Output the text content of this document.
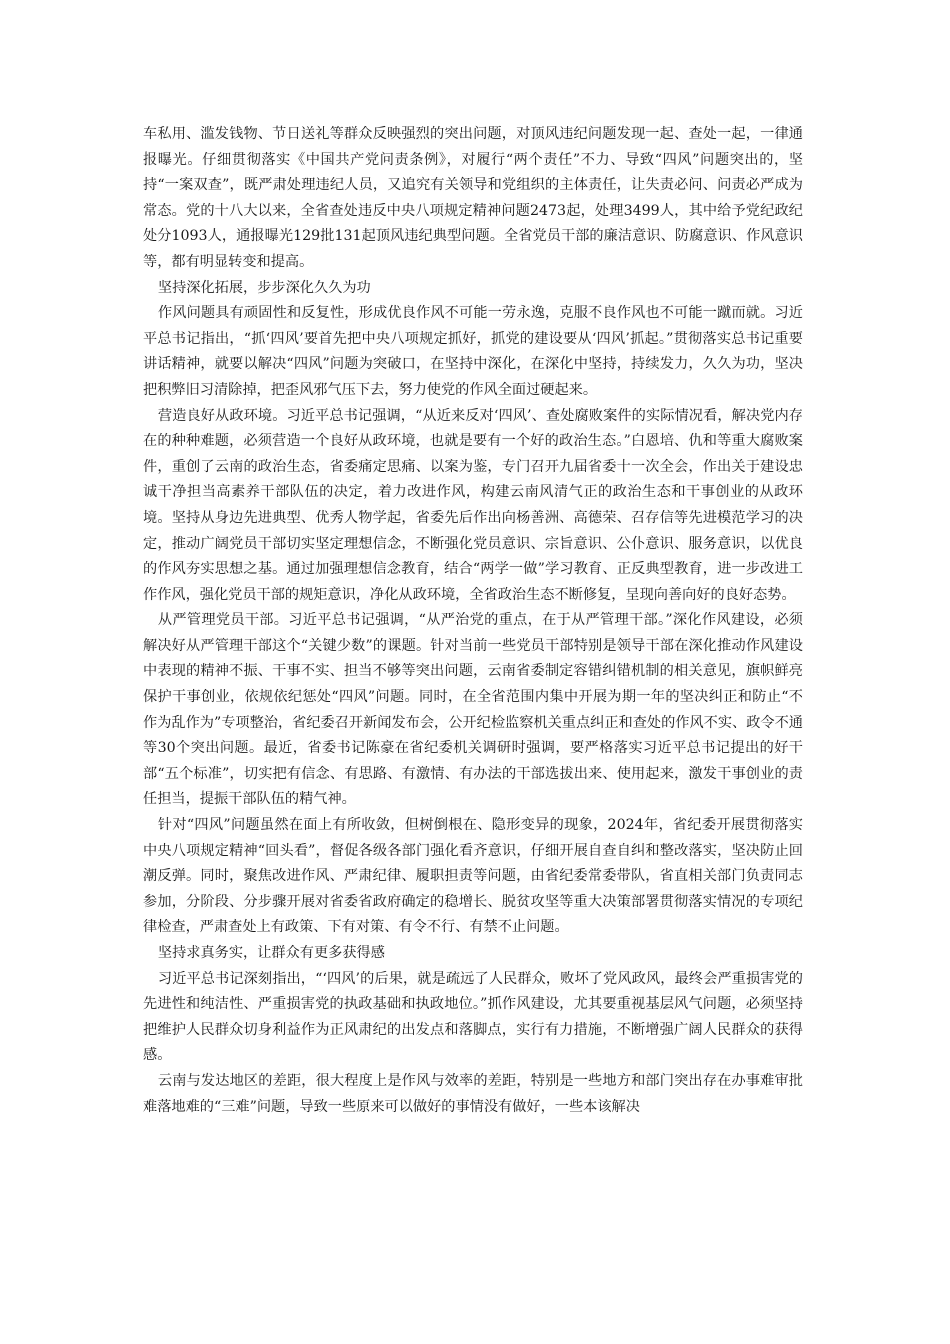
车私用、滥发钱物、节日送礼等群众反映强烈的突出问题，对顶风违纪问题发现一起、查处一起，一律通报曝光。仔细贯彻落实《中国共产党问责条例》，对履行“两个责任”不力、导致“四风”问题突出的，坚持“一案双查”，既严肃处理违纪人员，又追究有关领导和党组织的主体责任，让失责必问、问责必严成为常态。党的十八大以来，全省查处违反中央八项规定精神问题2473起，处理3499人，其中给予党纪政纪处分1093人，通报曝光129批131起顶风违纪典型问题。全省党员干部的廉洁意识、防腐意识、作风意识等，都有明显转变和提高。

坚持深化拓展，步步深化久久为功

作风问题具有顽固性和反复性，形成优良作风不可能一劳永逸，克服不良作风也不可能一蹴而就。习近平总书记指出，“抓‘四风’要首先把中央八项规定抓好，抓党的建设要从‘四风’抓起。”贯彻落实总书记重要讲话精神，就要以解决“四风”问题为突破口，在坚持中深化，在深化中坚持，持续发力，久久为功，坚决把积弊旧习清除掉，把歪风邪气压下去，努力使党的作风全面过硬起来。

营造良好从政环境。习近平总书记强调，“从近来反对‘四风’、查处腐败案件的实际情况看，解决党内存在的种种难题，必须营造一个良好从政环境，也就是要有一个好的政治生态。”白恩培、仇和等重大腐败案件，重创了云南的政治生态，省委痛定思痛、以案为鉴，专门召开九届省委十一次全会，作出关于建设忠诚干净担当高素养干部队伍的决定，着力改进作风，构建云南风清气正的政治生态和干事创业的从政环境。坚持从身边先进典型、优秀人物学起，省委先后作出向杨善洲、高德荣、召存信等先进模范学习的决定，推动广阔党员干部切实坚定理想信念，不断强化党员意识、宗旨意识、公仆意识、服务意识，以优良的作风夯实思想之基。通过加强理想信念教育，结合“两学一做”学习教育、正反典型教育，进一步改进工作作风，强化党员干部的规矩意识，净化从政环境，全省政治生态不断修复，呈现向善向好的良好态势。

从严管理党员干部。习近平总书记强调，“从严治党的重点，在于从严管理干部。”深化作风建设，必须解决好从严管理干部这个“关键少数”的课题。针对当前一些党员干部特别是领导干部在深化推动作风建设中表现的精神不振、干事不实、担当不够等突出问题，云南省委制定容错纠错机制的相关意见，旗帜鲜亮保护干事创业，依规依纪惩处“四风”问题。同时，在全省范围内集中开展为期一年的坚决纠正和防止“不作为乱作为”专项整治，省纪委召开新闻发布会，公开纪检监察机关重点纠正和查处的作风不实、政令不通等30个突出问题。最近，省委书记陈豪在省纪委机关调研时强调，要严格落实习近平总书记提出的好干部“五个标准”，切实把有信念、有思路、有激情、有办法的干部选拔出来、使用起来，激发干事创业的责任担当，提振干部队伍的精气神。

针对“四风”问题虽然在面上有所收敛，但树倒根在、隐形变异的现象，2024年，省纪委开展贯彻落实中央八项规定精神“回头看”，督促各级各部门强化看齐意识，仔细开展自查自纠和整改落实，坚决防止回潮反弹。同时，聚焦改进作风、严肃纪律、履职担责等问题，由省纪委常委带队，省直相关部门负责同志参加，分阶段、分步骤开展对省委省政府确定的稳增长、脱贫攻坚等重大决策部署贯彻落实情况的专项纪律检查，严肃查处上有政策、下有对策、有令不行、有禁不止问题。

坚持求真务实，让群众有更多获得感

习近平总书记深刻指出，“‘四风’的后果，就是疏远了人民群众，败坏了党风政风，最终会严重损害党的先进性和纯洁性、严重损害党的执政基础和执政地位。”抓作风建设，尤其要重视基层风气问题，必须坚持把维护人民群众切身利益作为正风肃纪的出发点和落脚点，实行有力措施，不断增强广阔人民群众的获得感。

云南与发达地区的差距，很大程度上是作风与效率的差距，特别是一些地方和部门突出存在办事难审批难落地难的“三难”问题，导致一些原来可以做好的事情没有做好，一些本该解决
